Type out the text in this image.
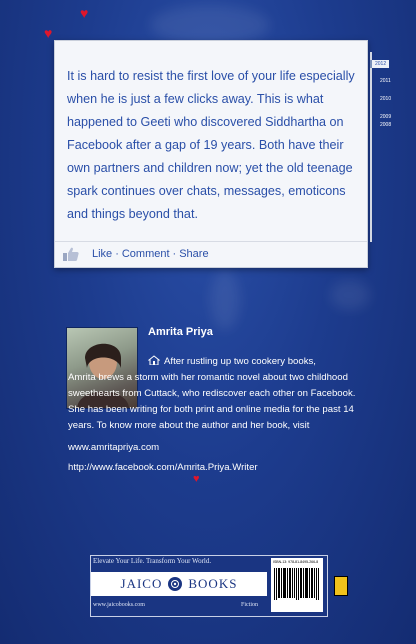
♥
♥
♥
It is hard to resist the first love of your life especially when he is just a few clicks away. This is what happened to Geeti who discovered Siddhartha on Facebook after a gap of 19 years. Both have their own partners and children now; yet the old teenage spark continues over chats, messages, emoticons and things beyond that.
Like · Comment · Share
2012
2011
2010
2009
2008
Amrita Priya

After rustling up two cookery books,

Amrita brews a storm with her romantic novel about two childhood sweethearts from Cuttack, who rediscover each other on Facebook. She has been writing for both print and online media for the past 14 years. To know more about the author and her book, visit

www.amritapriya.com

http://www.facebook.com/Amrita.Priya.Writer

Elevate Your Life. Transform Your World.
JAICO BOOKS
www.jaicobooks.com	Fiction
ISBN-13: 978-81-8495-266-8
